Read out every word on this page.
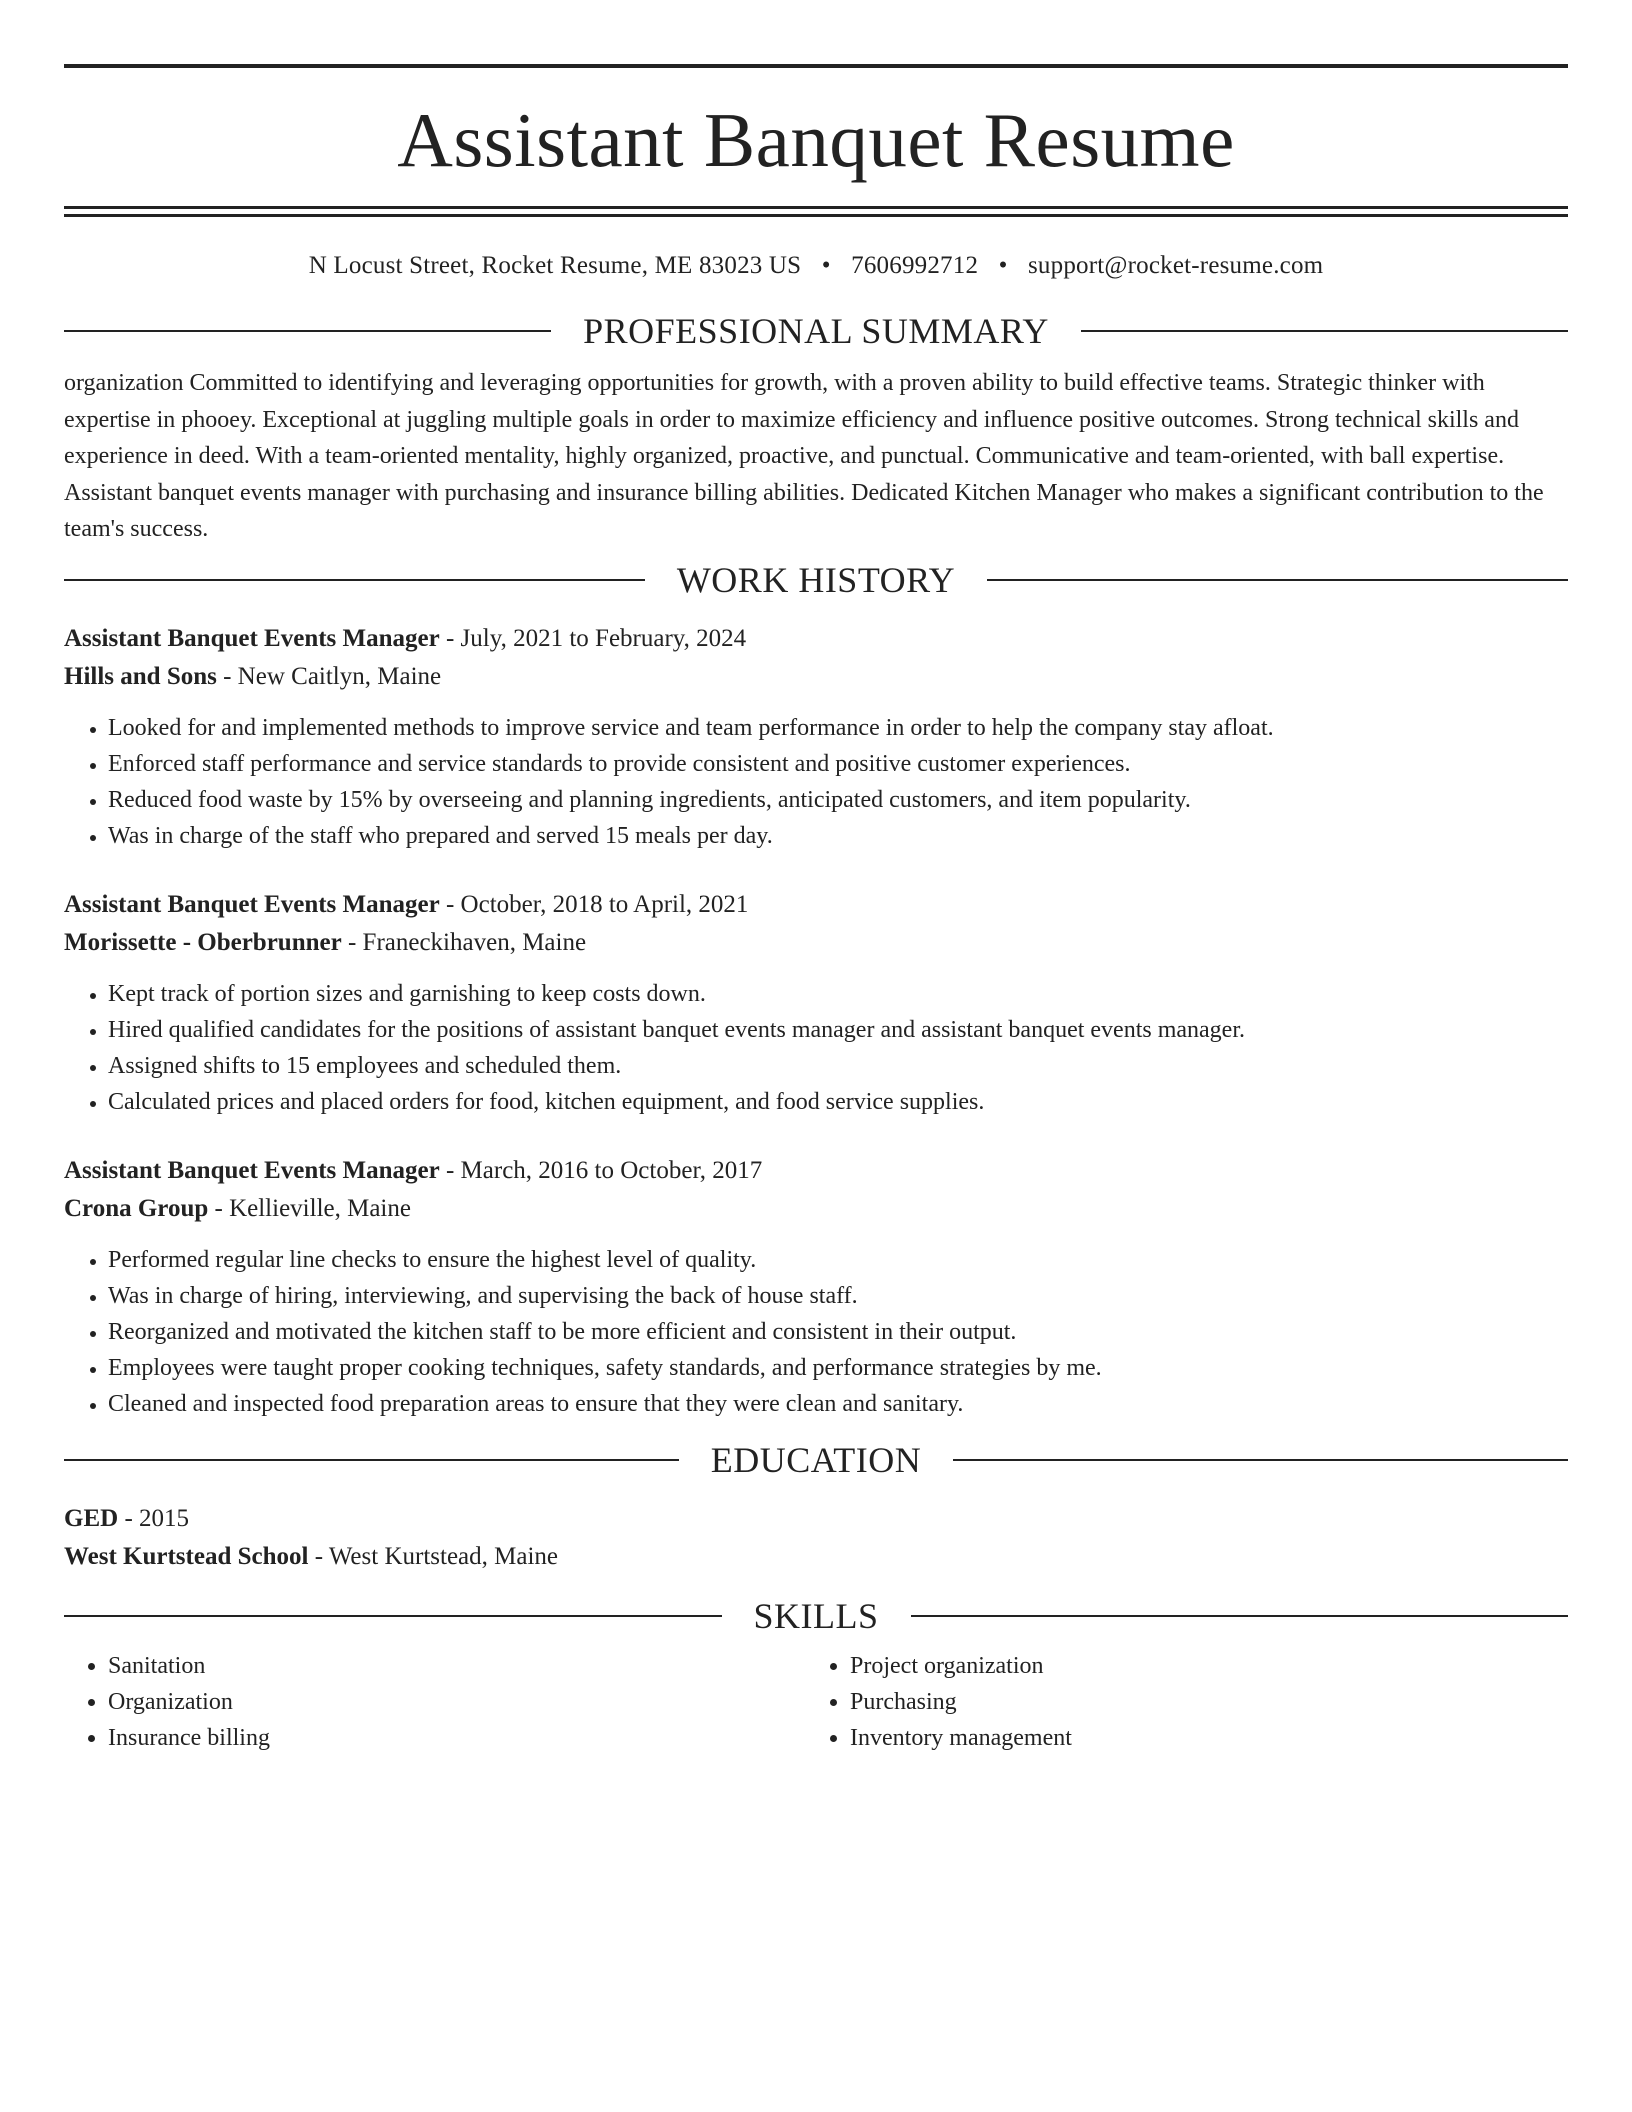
Assistant Banquet Resume
N Locust Street, Rocket Resume, ME 83023 US • 7606992712 • support@rocket-resume.com
PROFESSIONAL SUMMARY
organization Committed to identifying and leveraging opportunities for growth, with a proven ability to build effective teams. Strategic thinker with expertise in phooey. Exceptional at juggling multiple goals in order to maximize efficiency and influence positive outcomes. Strong technical skills and experience in deed. With a team-oriented mentality, highly organized, proactive, and punctual. Communicative and team-oriented, with ball expertise. Assistant banquet events manager with purchasing and insurance billing abilities. Dedicated Kitchen Manager who makes a significant contribution to the team's success.
WORK HISTORY
Assistant Banquet Events Manager - July, 2021 to February, 2024
Hills and Sons - New Caitlyn, Maine
• Looked for and implemented methods to improve service and team performance in order to help the company stay afloat.
• Enforced staff performance and service standards to provide consistent and positive customer experiences.
• Reduced food waste by 15% by overseeing and planning ingredients, anticipated customers, and item popularity.
• Was in charge of the staff who prepared and served 15 meals per day.
Assistant Banquet Events Manager - October, 2018 to April, 2021
Morissette - Oberbrunner - Franeckihaven, Maine
• Kept track of portion sizes and garnishing to keep costs down.
• Hired qualified candidates for the positions of assistant banquet events manager and assistant banquet events manager.
• Assigned shifts to 15 employees and scheduled them.
• Calculated prices and placed orders for food, kitchen equipment, and food service supplies.
Assistant Banquet Events Manager - March, 2016 to October, 2017
Crona Group - Kellieville, Maine
• Performed regular line checks to ensure the highest level of quality.
• Was in charge of hiring, interviewing, and supervising the back of house staff.
• Reorganized and motivated the kitchen staff to be more efficient and consistent in their output.
• Employees were taught proper cooking techniques, safety standards, and performance strategies by me.
• Cleaned and inspected food preparation areas to ensure that they were clean and sanitary.
EDUCATION
GED - 2015
West Kurtstead School - West Kurtstead, Maine
SKILLS
• Sanitation
• Organization
• Insurance billing
• Project organization
• Purchasing
• Inventory management
